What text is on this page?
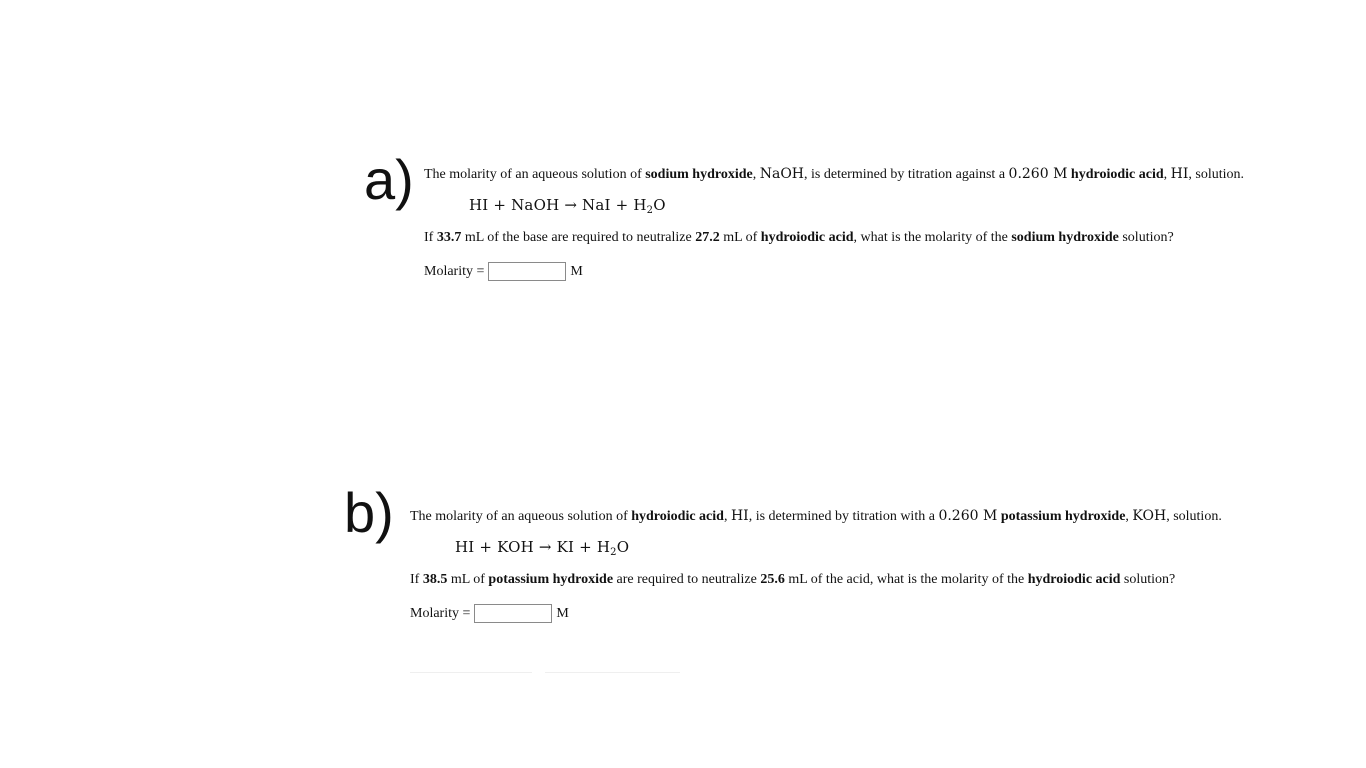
a) The molarity of an aqueous solution of sodium hydroxide, NaOH, is determined by titration against a 0.260 M hydroiodic acid, HI, solution.

HI + NaOH → NaI + $H_2O$

If 33.7 mL of the base are required to neutralize 27.2 mL of hydroiodic acid, what is the molarity of the sodium hydroxide solution?

Molarity =	M
b) The molarity of an aqueous solution of hydroiodic acid, HI, is determined by titration with a 0.260 M potassium hydroxide, KOH, solution.

HI + KOH → KI + $H_2O$

If 38.5 mL of potassium hydroxide are required to neutralize 25.6 mL of the acid, what is the molarity of the hydroiodic acid solution?

Molarity =	M
